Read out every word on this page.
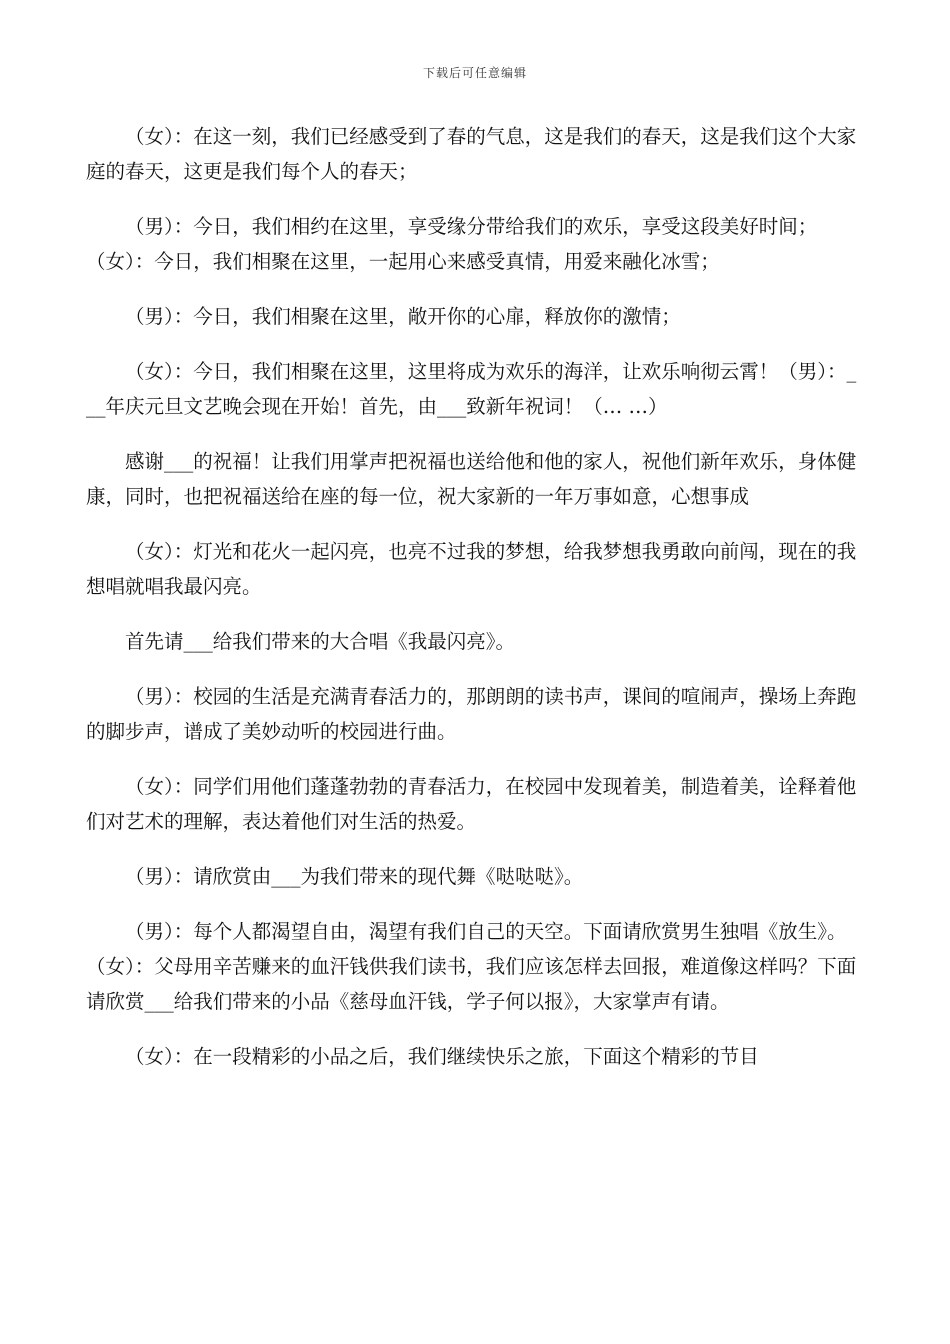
下载后可任意编辑

（女）：在这一刻，我们已经感受到了春的气息，这是我们的春天，这是我们这个大家庭的春天，这更是我们每个人的春天；

（男）：今日，我们相约在这里，享受缘分带给我们的欢乐，享受这段美好时间；（女）：今日，我们相聚在这里，一起用心来感受真情，用爱来融化冰雪；

（男）：今日，我们相聚在这里，敞开你的心扉，释放你的激情；

（女）：今日，我们相聚在这里，这里将成为欢乐的海洋，让欢乐响彻云霄！（男）：___年庆元旦文艺晚会现在开始！首先，由___致新年祝词！（… …）

感谢___的祝福！让我们用掌声把祝福也送给他和他的家人，祝他们新年欢乐，身体健康，同时，也把祝福送给在座的每一位，祝大家新的一年万事如意，心想事成

（女）：灯光和花火一起闪亮，也亮不过我的梦想，给我梦想我勇敢向前闯，现在的我想唱就唱我最闪亮。

首先请___给我们带来的大合唱《我最闪亮》。

（男）：校园的生活是充满青春活力的，那朗朗的读书声，课间的喧闹声，操场上奔跑的脚步声，谱成了美妙动听的校园进行曲。

（女）：同学们用他们蓬蓬勃勃的青春活力，在校园中发现着美，制造着美，诠释着他们对艺术的理解，表达着他们对生活的热爱。

（男）：请欣赏由___为我们带来的现代舞《哒哒哒》。

（男）：每个人都渴望自由，渴望有我们自己的天空。下面请欣赏男生独唱《放生》。（女）：父母用辛苦赚来的血汗钱供我们读书，我们应该怎样去回报，难道像这样吗？下面请欣赏___给我们带来的小品《慈母血汗钱，学子何以报》，大家掌声有请。

（女）：在一段精彩的小品之后，我们继续快乐之旅，下面这个精彩的节目
